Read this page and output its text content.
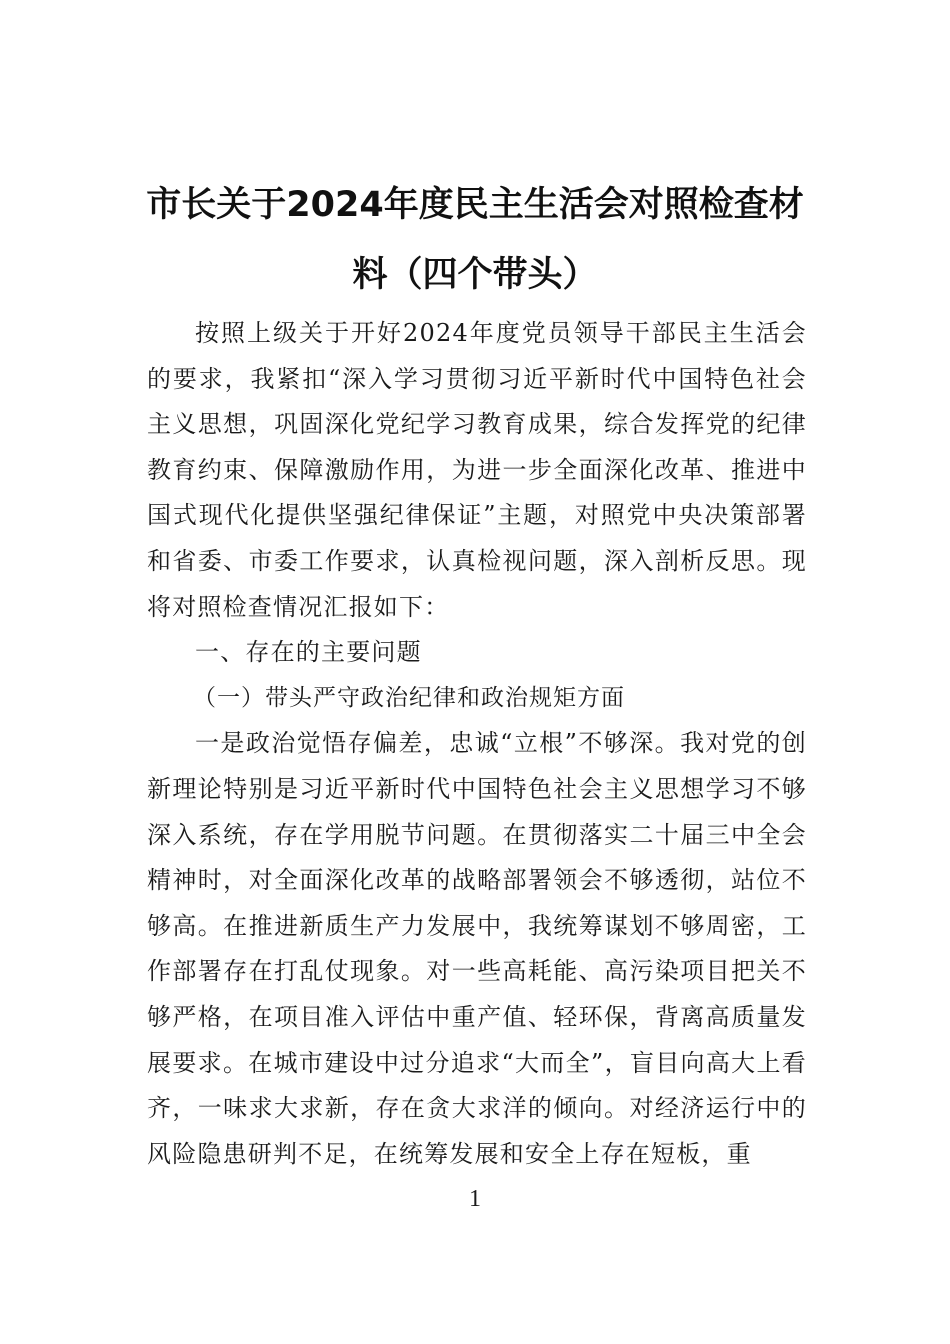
市长关于2024年度民主生活会对照检查材
料（四个带头）

按照上级关于开好2024年度党员领导干部民主生活会的要求，我紧扣“深入学习贯彻习近平新时代中国特色社会主义思想，巩固深化党纪学习教育成果，综合发挥党的纪律教育约束、保障激励作用，为进一步全面深化改革、推进中国式现代化提供坚强纪律保证”主题，对照党中央决策部署和省委、市委工作要求，认真检视问题，深入剖析反思。现将对照检查情况汇报如下：

一、存在的主要问题

（一）带头严守政治纪律和政治规矩方面

一是政治觉悟存偏差，忠诚“立根”不够深。我对党的创新理论特别是习近平新时代中国特色社会主义思想学习不够深入系统，存在学用脱节问题。在贯彻落实二十届三中全会精神时，对全面深化改革的战略部署领会不够透彻，站位不够高。在推进新质生产力发展中，我统筹谋划不够周密，工作部署存在打乱仗现象。对一些高耗能、高污染项目把关不够严格，在项目准入评估中重产值、轻环保，背离高质量发展要求。在城市建设中过分追求“大而全”，盲目向高大上看齐，一味求大求新，存在贪大求洋的倾向。对经济运行中的风险隐患研判不足，在统筹发展和安全上存在短板，重

1
